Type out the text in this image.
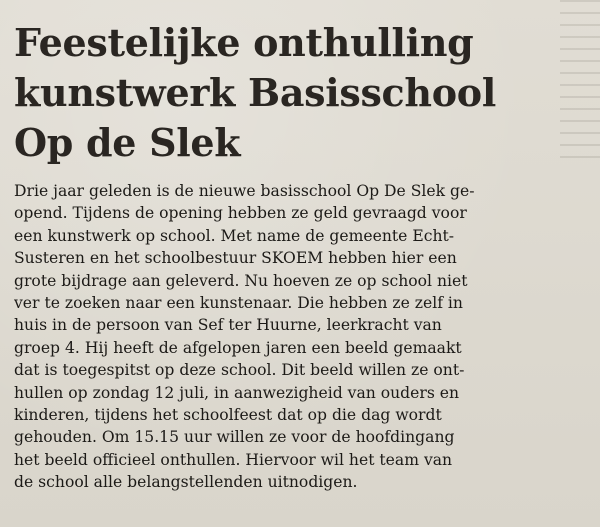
Feestelijke onthulling
kunstwerk Basisschool
Op de Slek
Drie jaar geleden is de nieuwe basisschool Op De Slek ge-
opend. Tijdens de opening hebben ze geld gevraagd voor
een kunstwerk op school. Met name de gemeente Echt-
Susteren en het schoolbestuur SKOEM hebben hier een
grote bijdrage aan geleverd. Nu hoeven ze op school niet
ver te zoeken naar een kunstenaar. Die hebben ze zelf in
huis in de persoon van Sef ter Huurne, leerkracht van
groep 4. Hij heeft de afgelopen jaren een beeld gemaakt
dat is toegespitst op deze school. Dit beeld willen ze ont-
hullen op zondag 12 juli, in aanwezigheid van ouders en
kinderen, tijdens het schoolfeest dat op die dag wordt
gehouden. Om 15.15 uur willen ze voor de hoofdingang
het beeld officieel onthullen. Hiervoor wil het team van
de school alle belangstellenden uitnodigen.
